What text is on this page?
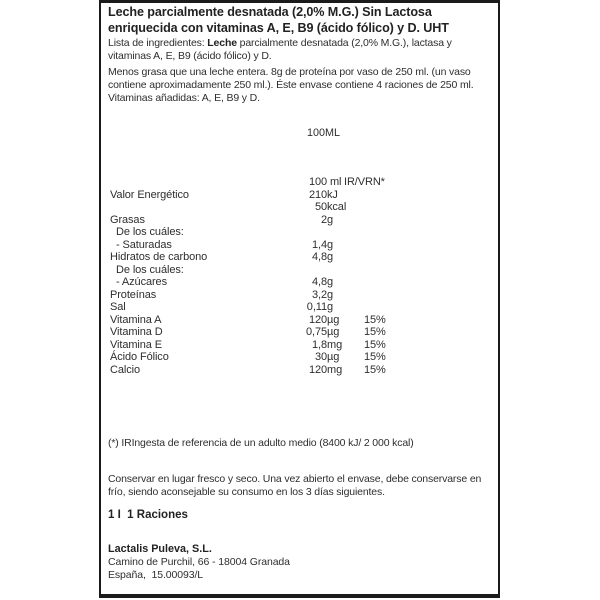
Leche parcialmente desnatada (2,0% M.G.) Sin Lactosa
enriquecida con vitaminas A, E, B9 (ácido fólico) y D. UHT
Lista de ingredientes: Leche parcialmente desnatada (2,0% M.G.), lactasa y
vitaminas A, E, B9 (ácido fólico) y D.
Menos grasa que una leche entera. 8g de proteína por vaso de 250 ml. (un vaso
contiene aproximadamente 250 ml.). Éste envase contiene 4 raciones de 250 ml.
Vitaminas añadidas: A, E, B9 y D.
100ML
100 ml IR/VRN*
Valor Energético	210 kJ
50 kcal
Grasas	2 g
De los cuáles:
- Saturadas	1,4 g
Hidratos de carbono	4,8 g
De los cuáles:
- Azúcares	4,8 g
Proteínas	3,2 g
Sal	0,11 g
Vitamina A	120 µg 15%
Vitamina D	0,75 µg 15%
Vitamina E	1,8 mg 15%
Ácido Fólico	30 µg 15%
Calcio	120 mg 15%
(*) IRIngesta de referencia de un adulto medio (8400 kJ/ 2 000 kcal)
Conservar en lugar fresco y seco. Una vez abierto el envase, debe conservarse en
frío, siendo aconsejable su consumo en los 3 días siguientes.
1 I  1 Raciones
Lactalis Puleva, S.L.
Camino de Purchil, 66 - 18004 Granada
España,  15.00093/L
